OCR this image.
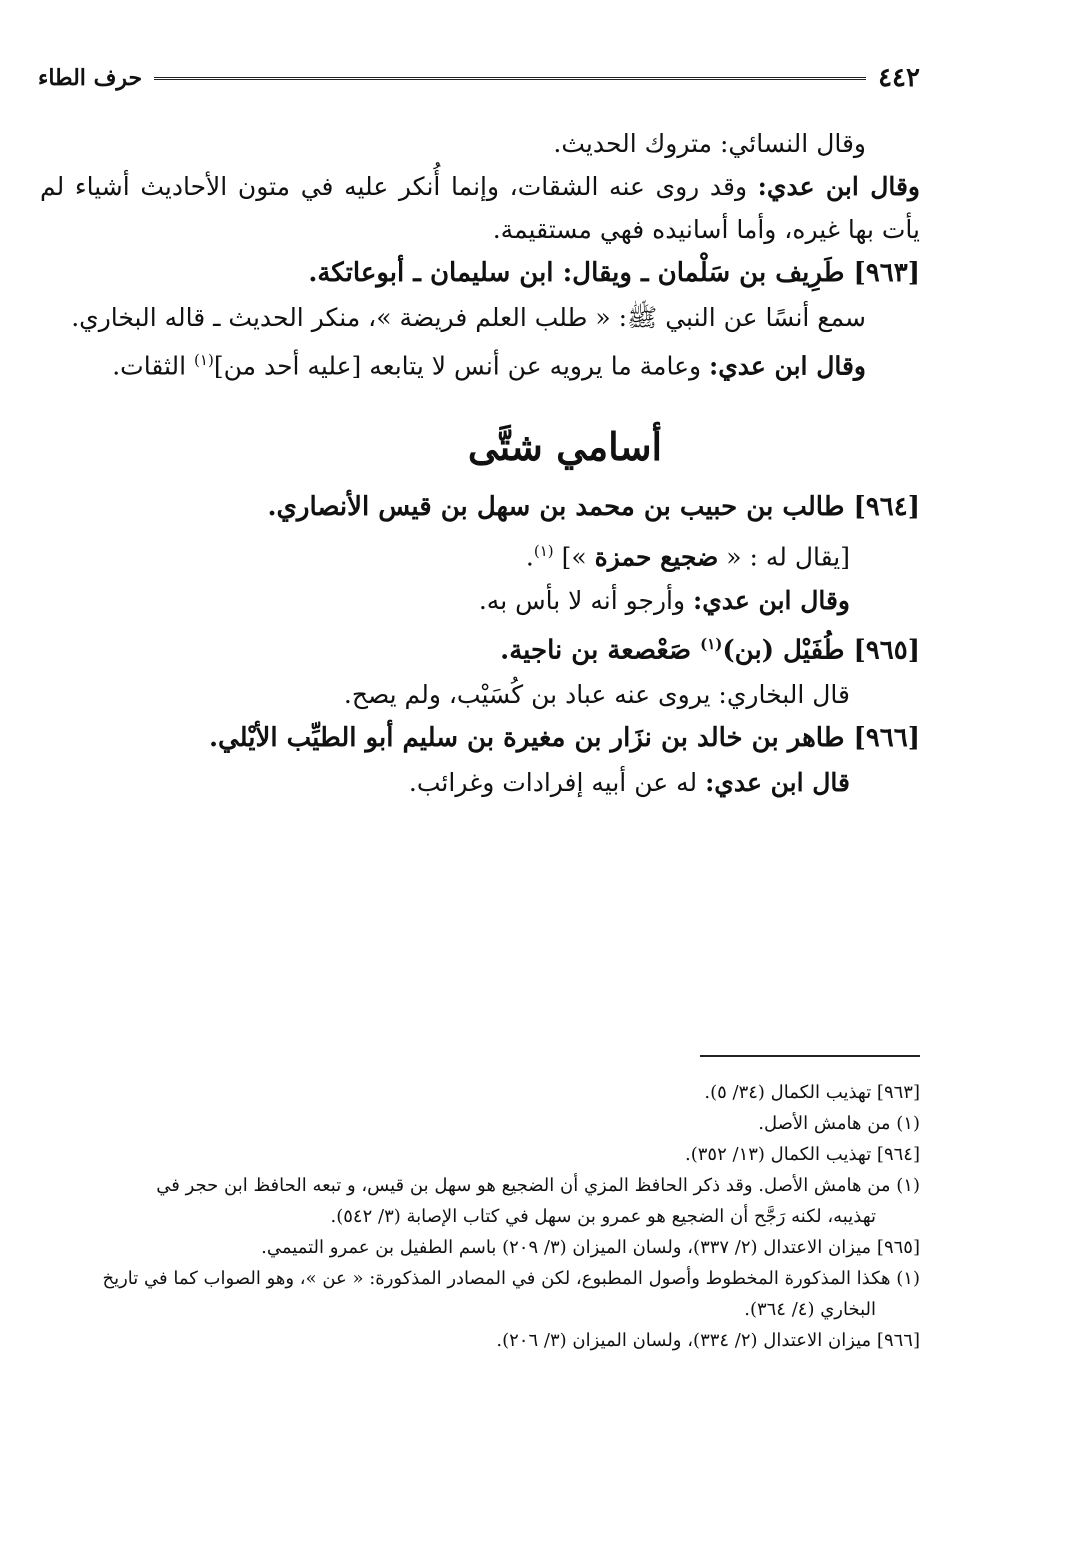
حرف الطاء	٤٤٢

وقال النسائي: متروك الحديث.

وقال ابن عدي: وقد روى عنه الشقات، وإنما أُنكر عليه في متون الأحاديث أشياء لم يأت بها غيره، وأما أسانيده فهي مستقيمة.

[٩٦٣] طَرِيف بن سَلْمان ـ ويقال: ابن سليمان ـ أبوعاتكة.

سمع أنسًا عن النبي ﷺ: « طلب العلم فريضة »، منكر الحديث ـ قاله البخاري.

وقال ابن عدي: وعامة ما يرويه عن أنس لا يتابعه [عليه أحد من]$^{(١)}$ الثقات.

أسامي شتَّى

[٩٦٤] طالب بن حبيب بن محمد بن سهل بن قيس الأنصاري.

[يقال له : « ضجيع حمزة »] $^{(١)}$.

وقال ابن عدي: وأرجو أنه لا بأس به.

[٩٦٥] طُفَيْل (بن)$^{(١)}$ صَعْصعة بن ناجية.

قال البخاري: يروى عنه عباد بن كُسَيْب، ولم يصح.

[٩٦٦] طاهر بن خالد بن نزَار بن مغيرة بن سليم أبو الطيِّب الأيْلي.

قال ابن عدي: له عن أبيه إفرادات وغرائب.

[٩٦٣] تهذيب الكمال (٣٤/ ٥).

(١) من هامش الأصل.

[٩٦٤] تهذيب الكمال (١٣/ ٣٥٢).

(١) من هامش الأصل. وقد ذكر الحافظ المزي أن الضجيع هو سهل بن قيس، و تبعه الحافظ ابن حجر في
تهذيبه، لكنه رَجَّح أن الضجيع هو عمرو بن سهل في كتاب الإصابة (٣/ ٥٤٢).

[٩٦٥] ميزان الاعتدال (٢/ ٣٣٧)، ولسان الميزان (٣/ ٢٠٩) باسم الطفيل بن عمرو التميمي.

(١) هكذا المذكورة المخطوط وأصول المطبوع، لكن في المصادر المذكورة: « عن »، وهو الصواب كما في تاريخ
البخاري (٤/ ٣٦٤).

[٩٦٦] ميزان الاعتدال (٢/ ٣٣٤)، ولسان الميزان (٣/ ٢٠٦).
